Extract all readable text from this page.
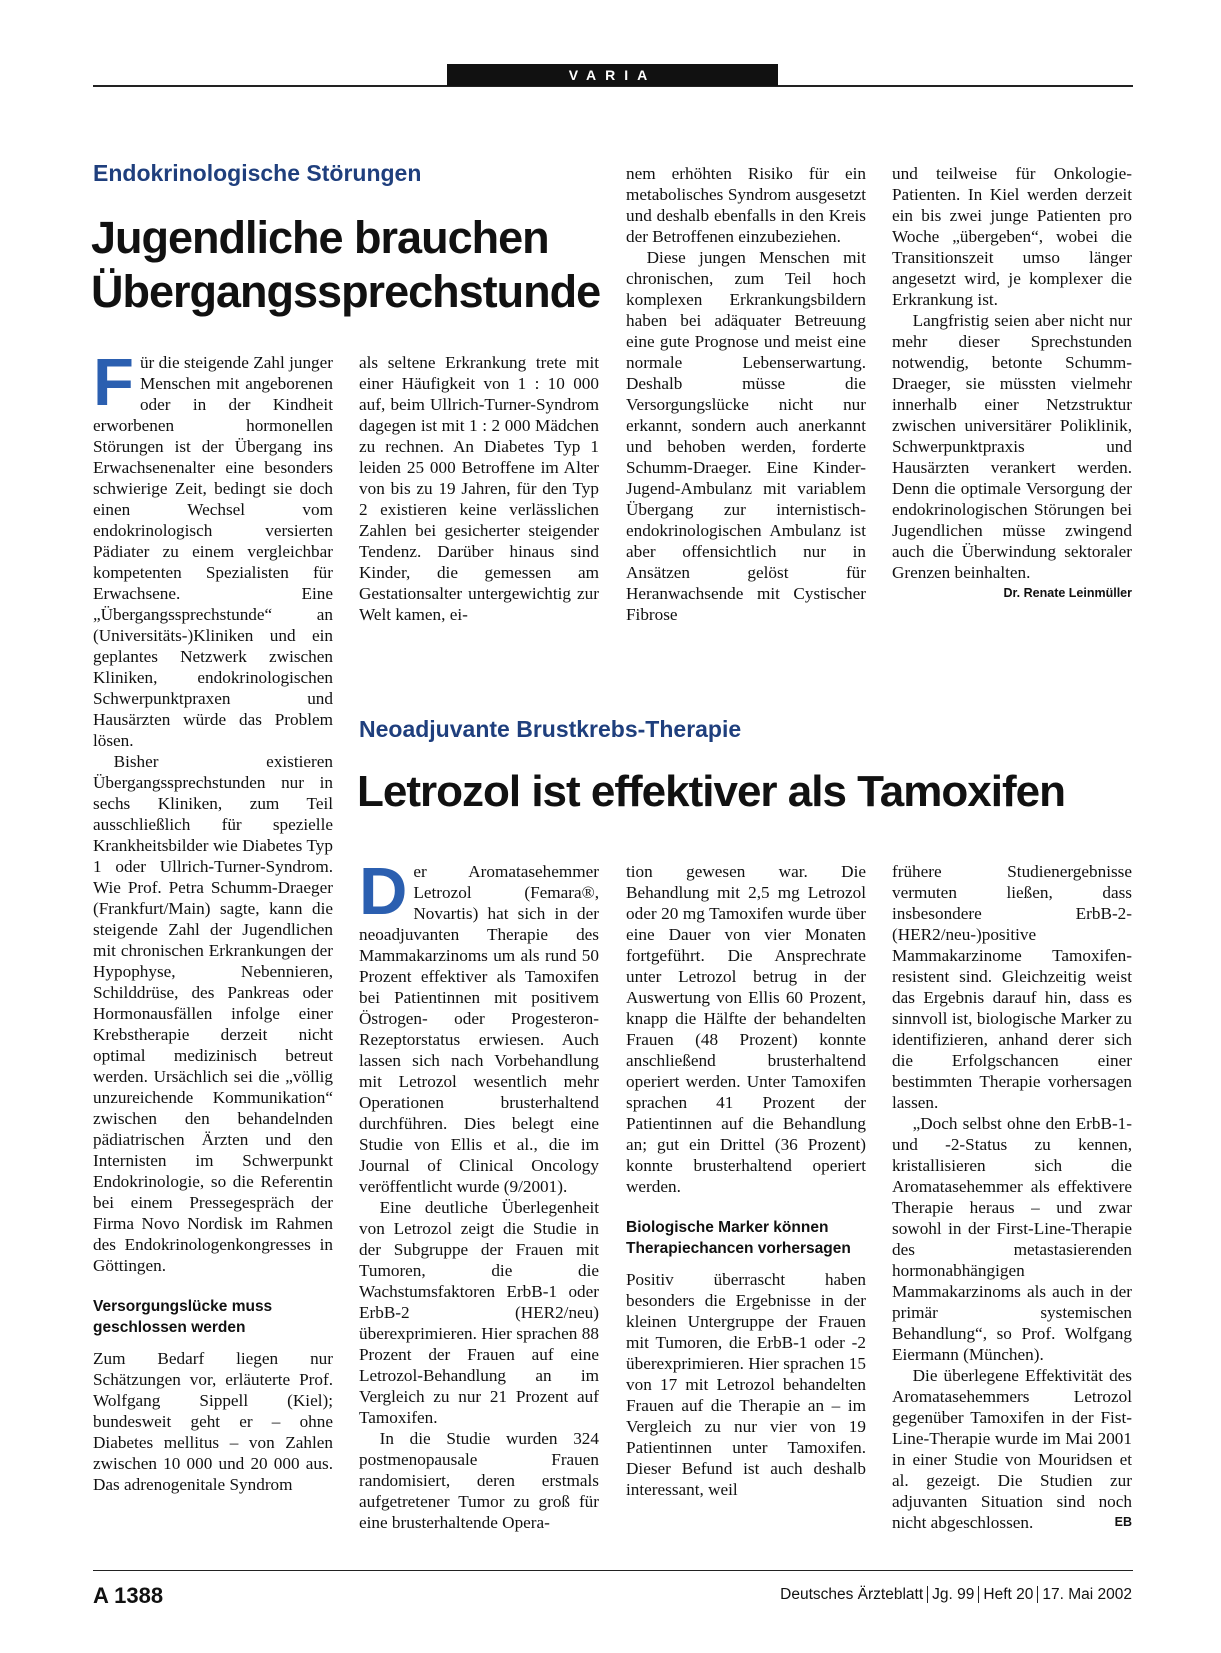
VARIA
Endokrinologische Störungen
Jugendliche brauchen
Übergangssprechstunde

Für die steigende Zahl junger Menschen mit angeborenen oder in der Kindheit erworbenen hormonellen Störungen ist der Übergang ins Erwachsenenalter eine besonders schwierige Zeit, bedingt sie doch einen Wechsel vom endokrinologisch versierten Pädiater zu einem vergleichbar kompetenten Spezialisten für Erwachsene. Eine „Übergangssprechstunde“ an (Universitäts-)Kliniken und ein geplantes Netzwerk zwischen Kliniken, endokrinologischen Schwerpunktpraxen und Hausärzten würde das Problem lösen.

Bisher existieren Übergangssprechstunden nur in sechs Kliniken, zum Teil ausschließlich für spezielle Krankheitsbilder wie Diabetes Typ 1 oder Ullrich-Turner-Syndrom. Wie Prof. Petra Schumm-Draeger (Frankfurt/Main) sagte, kann die steigende Zahl der Jugendlichen mit chronischen Erkrankungen der Hypophyse, Nebennieren, Schilddrüse, des Pankreas oder Hormonausfällen infolge einer Krebstherapie derzeit nicht optimal medizinisch betreut werden. Ursächlich sei die „völlig unzureichende Kommunikation“ zwischen den behandelnden pädiatrischen Ärzten und den Internisten im Schwerpunkt Endokrinologie, so die Referentin bei einem Pressegespräch der Firma Novo Nordisk im Rahmen des Endokrinologenkongresses in Göttingen.

Versorgungslücke muss geschlossen werden

Zum Bedarf liegen nur Schätzungen vor, erläuterte Prof. Wolfgang Sippell (Kiel); bundesweit geht er – ohne Diabetes mellitus – von Zahlen zwischen 10 000 und 20 000 aus. Das adrenogenitale Syndrom

als seltene Erkrankung trete mit einer Häufigkeit von 1 : 10 000 auf, beim Ullrich-Turner-Syndrom dagegen ist mit 1 : 2 000 Mädchen zu rechnen. An Diabetes Typ 1 leiden 25 000 Betroffene im Alter von bis zu 19 Jahren, für den Typ 2 existieren keine verlässlichen Zahlen bei gesicherter steigender Tendenz. Darüber hinaus sind Kinder, die gemessen am Gestationsalter untergewichtig zur Welt kamen, ei-

nem erhöhten Risiko für ein metabolisches Syndrom ausgesetzt und deshalb ebenfalls in den Kreis der Betroffenen einzubeziehen.

Diese jungen Menschen mit chronischen, zum Teil hoch komplexen Erkrankungsbildern haben bei adäquater Betreuung eine gute Prognose und meist eine normale Lebenserwartung. Deshalb müsse die Versorgungslücke nicht nur erkannt, sondern auch anerkannt und behoben werden, forderte Schumm-Draeger. Eine Kinder-Jugend-Ambulanz mit variablem Übergang zur internistisch-endokrinologischen Ambulanz ist aber offensichtlich nur in Ansätzen gelöst für Heranwachsende mit Cystischer Fibrose

und teilweise für Onkologie-Patienten. In Kiel werden derzeit ein bis zwei junge Patienten pro Woche „übergeben“, wobei die Transitionszeit umso länger angesetzt wird, je komplexer die Erkrankung ist.

Langfristig seien aber nicht nur mehr dieser Sprechstunden notwendig, betonte Schumm-Draeger, sie müssten vielmehr innerhalb einer Netzstruktur zwischen universitärer Poliklinik, Schwerpunktpraxis und Hausärzten verankert werden. Denn die optimale Versorgung der endokrinologischen Störungen bei Jugendlichen müsse zwingend auch die Überwindung sektoraler Grenzen beinhalten.
Dr. Renate Leinmüller

Neoadjuvante Brustkrebs-Therapie
Letrozol ist effektiver als Tamoxifen

Der Aromatasehemmer Letrozol (Femara®, Novartis) hat sich in der neoadjuvanten Therapie des Mammakarzinoms um als rund 50 Prozent effektiver als Tamoxifen bei Patientinnen mit positivem Östrogen- oder Progesteron-Rezeptorstatus erwiesen. Auch lassen sich nach Vorbehandlung mit Letrozol wesentlich mehr Operationen brusterhaltend durchführen. Dies belegt eine Studie von Ellis et al., die im Journal of Clinical Oncology veröffentlicht wurde (9/2001).

Eine deutliche Überlegenheit von Letrozol zeigt die Studie in der Subgruppe der Frauen mit Tumoren, die die Wachstumsfaktoren ErbB-1 oder ErbB-2 (HER2/neu) überexprimieren. Hier sprachen 88 Prozent der Frauen auf eine Letrozol-Behandlung an im Vergleich zu nur 21 Prozent auf Tamoxifen.

In die Studie wurden 324 postmenopausale Frauen randomisiert, deren erstmals aufgetretener Tumor zu groß für eine brusterhaltende Opera-

tion gewesen war. Die Behandlung mit 2,5 mg Letrozol oder 20 mg Tamoxifen wurde über eine Dauer von vier Monaten fortgeführt. Die Ansprechrate unter Letrozol betrug in der Auswertung von Ellis 60 Prozent, knapp die Hälfte der behandelten Frauen (48 Prozent) konnte anschließend brusterhaltend operiert werden. Unter Tamoxifen sprachen 41 Prozent der Patientinnen auf die Behandlung an; gut ein Drittel (36 Prozent) konnte brusterhaltend operiert werden.

Biologische Marker können Therapiechancen vorhersagen

Positiv überrascht haben besonders die Ergebnisse in der kleinen Untergruppe der Frauen mit Tumoren, die ErbB-1 oder -2 überexprimieren. Hier sprachen 15 von 17 mit Letrozol behandelten Frauen auf die Therapie an – im Vergleich zu nur vier von 19 Patientinnen unter Tamoxifen. Dieser Befund ist auch deshalb interessant, weil

frühere Studienergebnisse vermuten ließen, dass insbesondere ErbB-2-(HER2/neu-)positive Mammakarzinome Tamoxifen-resistent sind. Gleichzeitig weist das Ergebnis darauf hin, dass es sinnvoll ist, biologische Marker zu identifizieren, anhand derer sich die Erfolgschancen einer bestimmten Therapie vorhersagen lassen.

„Doch selbst ohne den ErbB-1- und -2-Status zu kennen, kristallisieren sich die Aromatasehemmer als effektivere Therapie heraus – und zwar sowohl in der First-Line-Therapie des metastasierenden hormonabhängigen Mammakarzinoms als auch in der primär systemischen Behandlung“, so Prof. Wolfgang Eiermann (München).

Die überlegene Effektivität des Aromatasehemmers Letrozol gegenüber Tamoxifen in der Fist-Line-Therapie wurde im Mai 2001 in einer Studie von Mouridsen et al. gezeigt. Die Studien zur adjuvanten Situation sind noch nicht abgeschlossen.	EB

A 1388	Deutsches Ärzteblatt Jg. 99 Heft 20 17. Mai 2002
